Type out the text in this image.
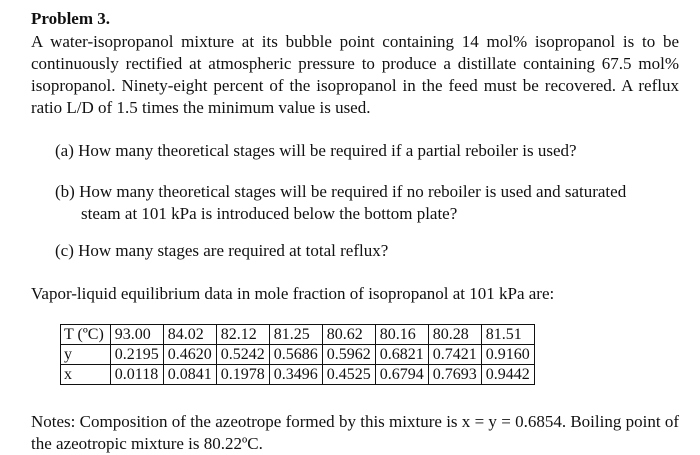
Problem 3.
A water-isopropanol mixture at its bubble point containing 14 mol% isopropanol is to be continuously rectified at atmospheric pressure to produce a distillate containing 67.5 mol% isopropanol. Ninety-eight percent of the isopropanol in the feed must be recovered. A reflux ratio L/D of 1.5 times the minimum value is used.
(a) How many theoretical stages will be required if a partial reboiler is used?
(b) How many theoretical stages will be required if no reboiler is used and saturated
steam at 101 kPa is introduced below the bottom plate?
(c) How many stages are required at total reflux?
Vapor-liquid equilibrium data in mole fraction of isopropanol at 101 kPa are:
T (ºC)	93.00	84.02	82.12	81.25	80.62	80.16	80.28	81.51
y	0.2195	0.4620	0.5242	0.5686	0.5962	0.6821	0.7421	0.9160
x	0.0118	0.0841	0.1978	0.3496	0.4525	0.6794	0.7693	0.9442
Notes: Composition of the azeotrope formed by this mixture is x = y = 0.6854. Boiling point of the azeotropic mixture is 80.22ºC.
